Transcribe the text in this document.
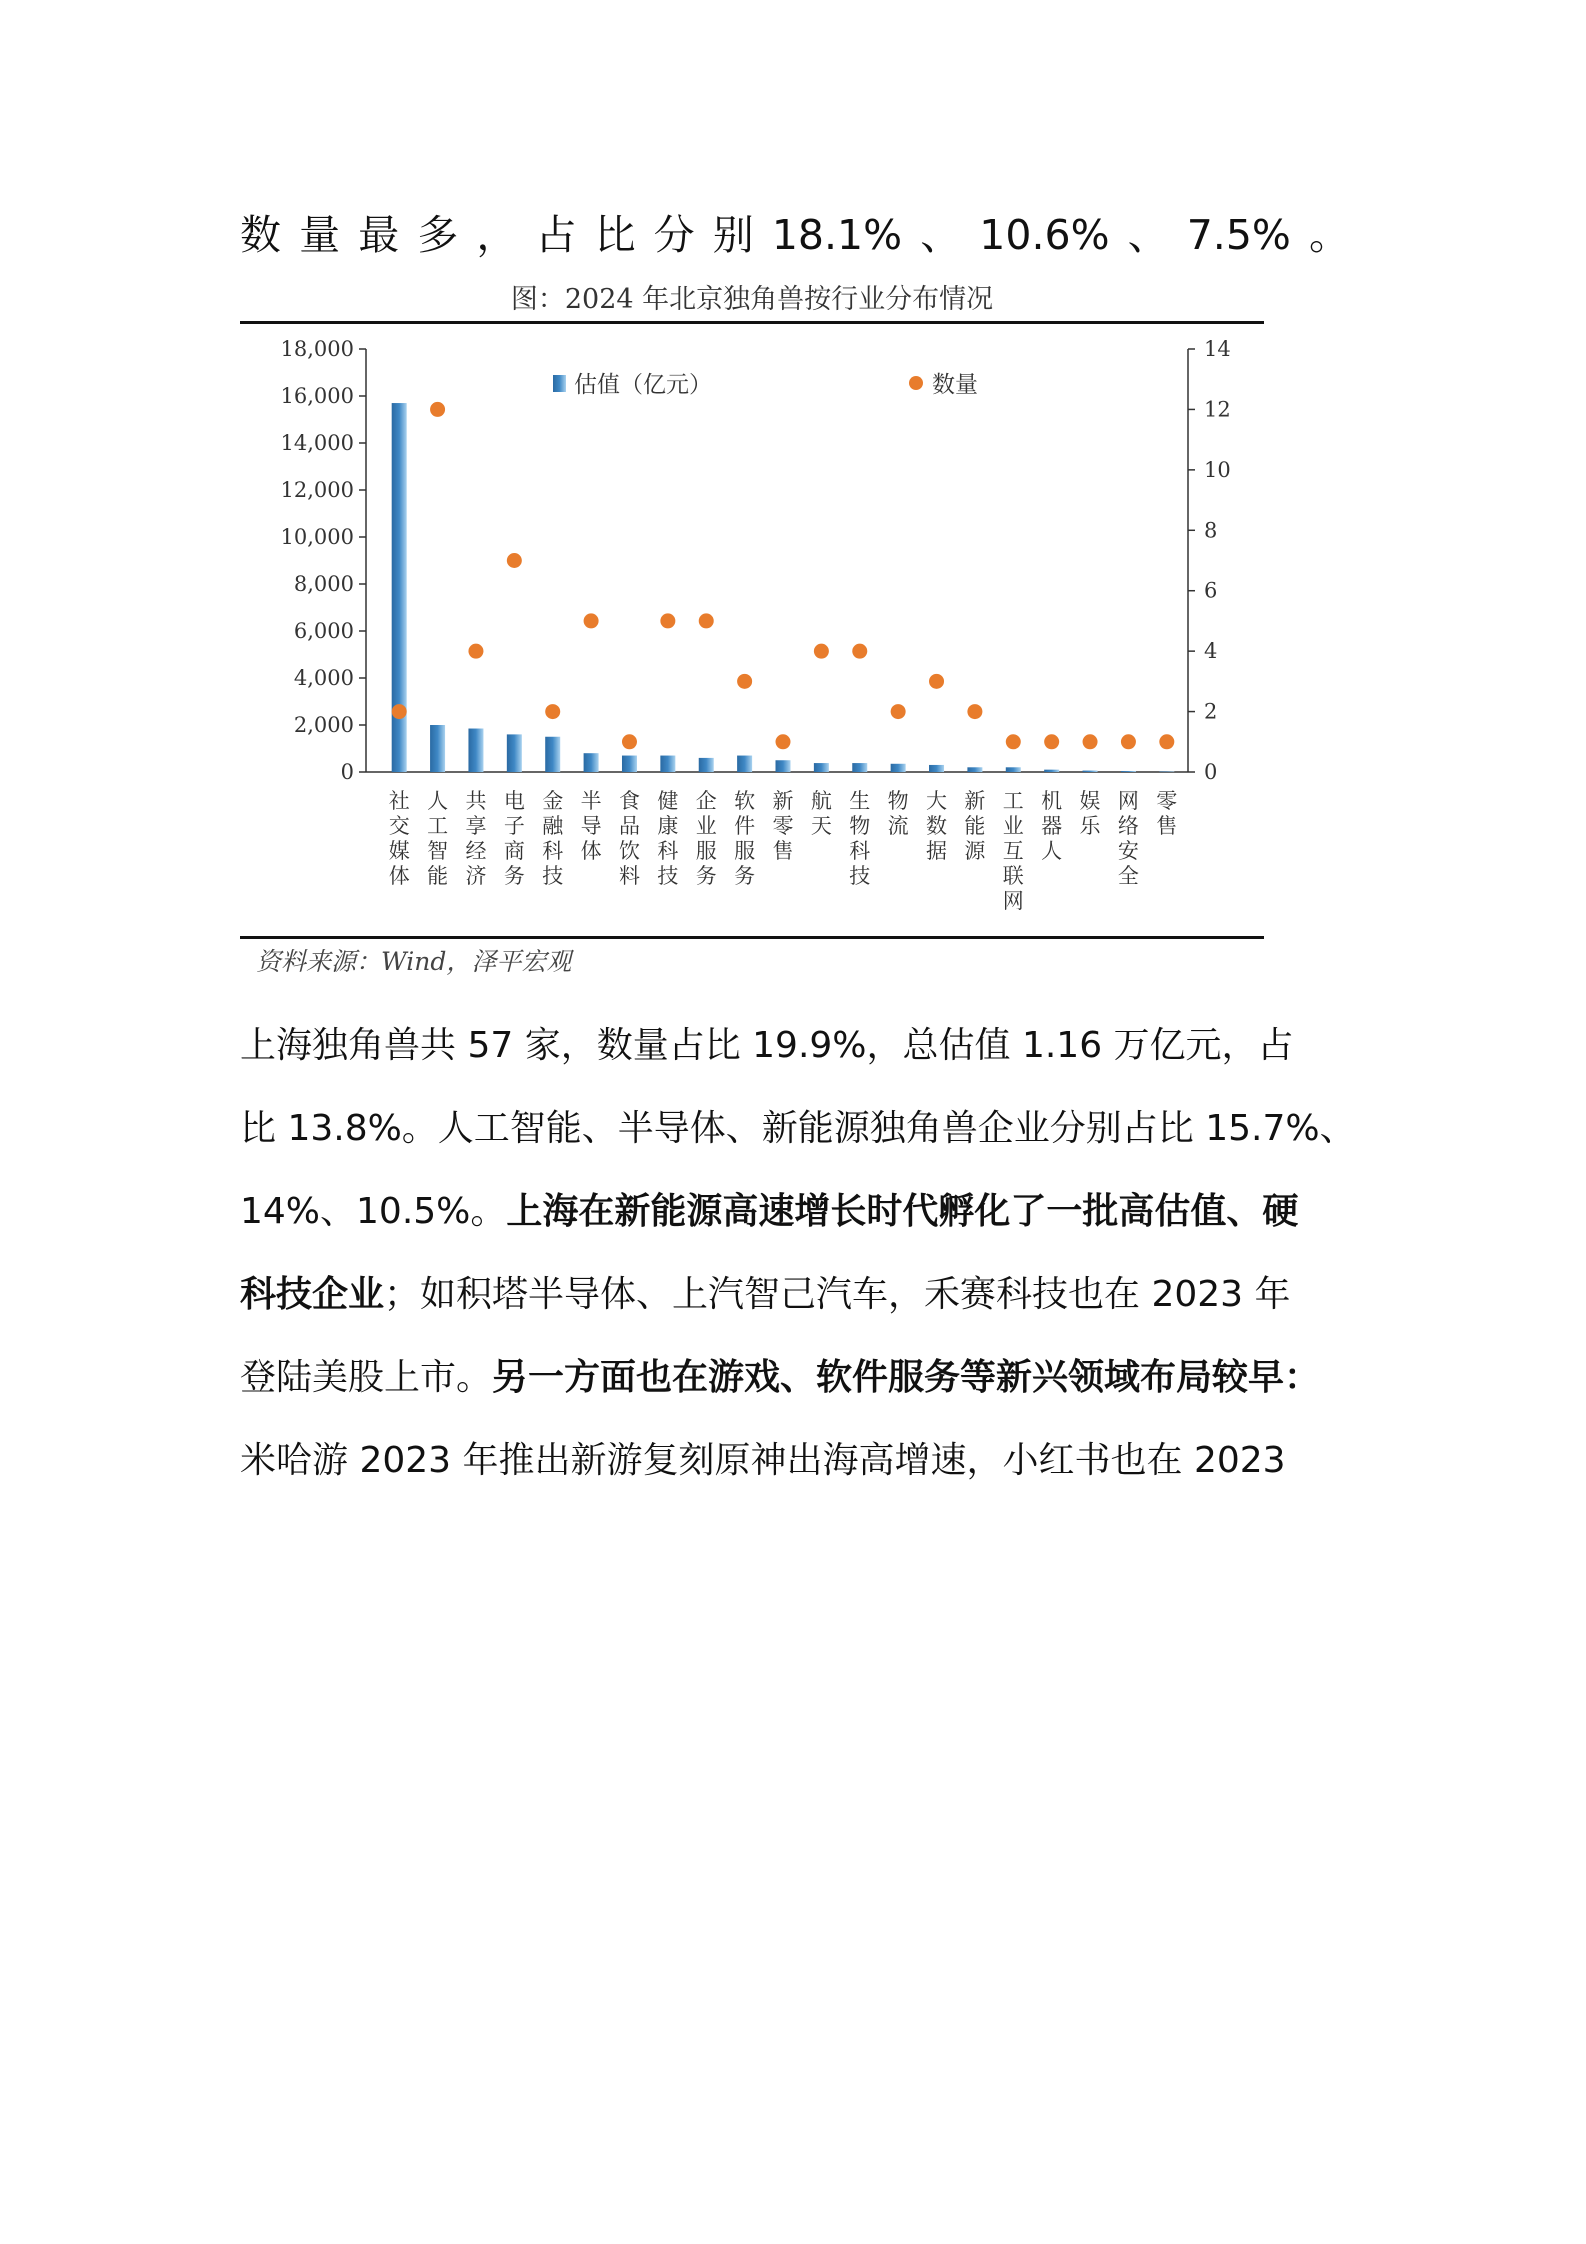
数 量 最 多 ， 占 比 分 别 18.1% 、 10.6% 、 7.5% 。
图：2024 年北京独角兽按行业分布情况
0
2,000
4,000
6,000
8,000
10,000
12,000
14,000
16,000
18,000
0
2
4
6
8
10
12
14
社
交
媒
体
人
工
智
能
共
享
经
济
电
子
商
务
金
融
科
技
半
导
体
食
品
饮
料
健
康
科
技
企
业
服
务
软
件
服
务
新
零
售
航
天
生
物
科
技
物
流
大
数
据
新
能
源
工
业
互
联
网
机
器
人
娱
乐
网
络
安
全
零
售
估值（亿元）	数量
资料来源：Wind，泽平宏观

上海独角兽共 57 家，数量占比 19.9%，总估值 1.16 万亿元，占

比 13.8%。人工智能、半导体、新能源独角兽企业分别占比 15.7%、

14%、10.5%。上海在新能源高速增长时代孵化了一批高估值、硬

科技企业；如积塔半导体、上汽智己汽车，禾赛科技也在 2023 年

登陆美股上市。另一方面也在游戏、软件服务等新兴领域布局较早：

米哈游 2023 年推出新游复刻原神出海高增速，小红书也在 2023
